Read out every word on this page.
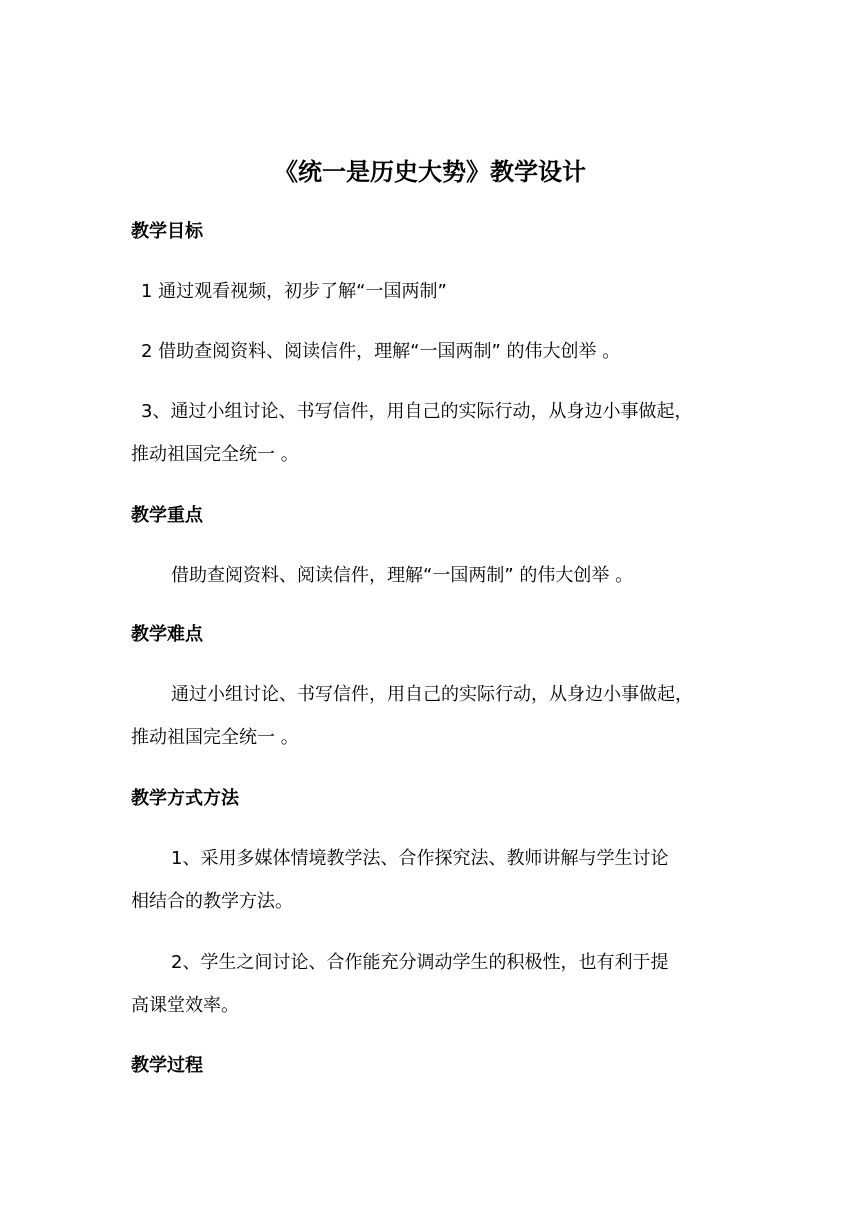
《统一是历史大势》教学设计
教学目标
1 通过观看视频，初步了解“一国两制”
2 借助查阅资料、阅读信件，理解“一国两制” 的伟大创举 。
3、通过小组讨论、书写信件，用自己的实际行动，从身边小事做起，
推动祖国完全统一 。
教学重点
借助查阅资料、阅读信件，理解“一国两制” 的伟大创举 。
教学难点
通过小组讨论、书写信件，用自己的实际行动，从身边小事做起，
推动祖国完全统一 。
教学方式方法
1、采用多媒体情境教学法、合作探究法、教师讲解与学生讨论
相结合的教学方法。
2、学生之间讨论、合作能充分调动学生的积极性，也有利于提
高课堂效率。
教学过程
